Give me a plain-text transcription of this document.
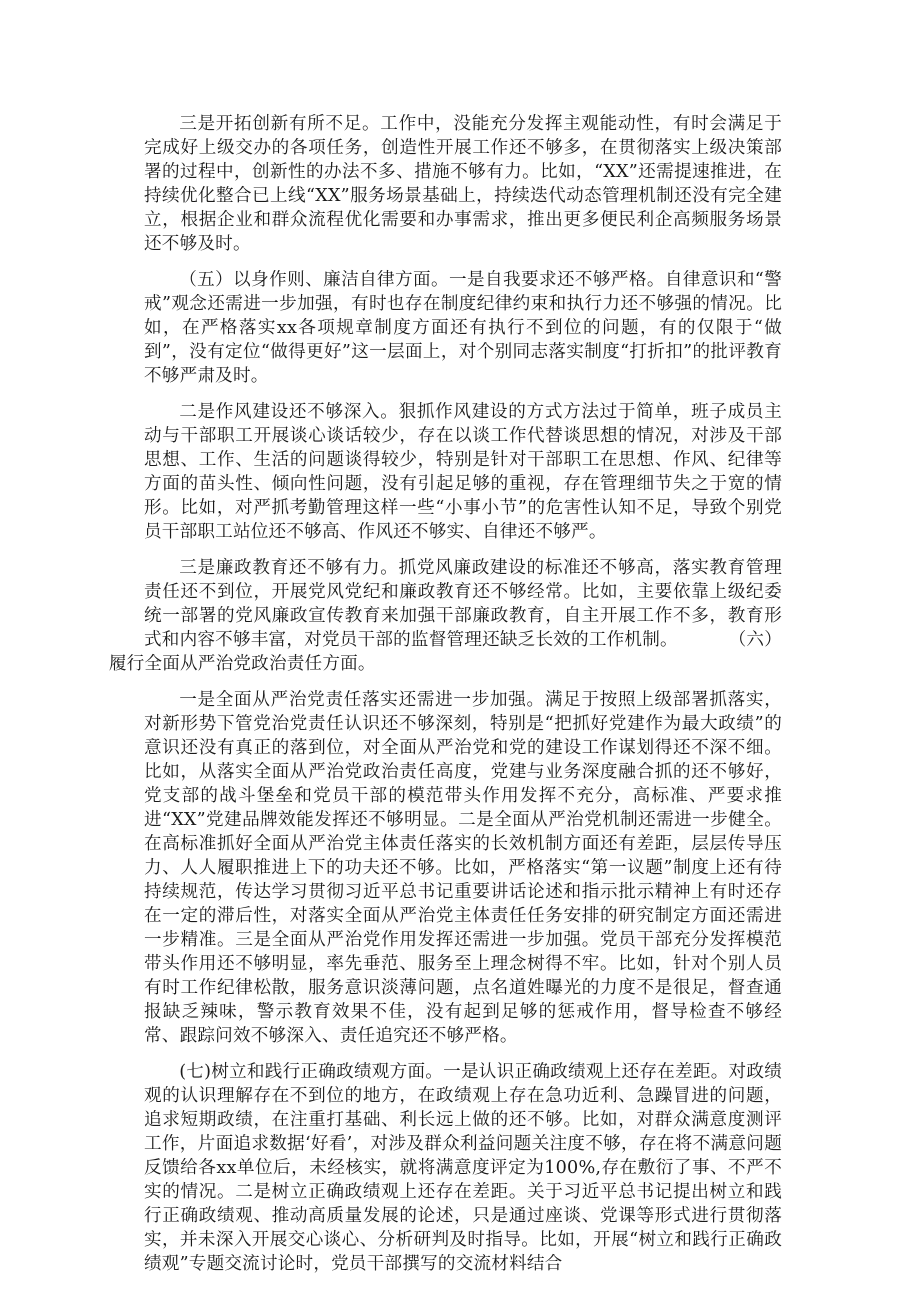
三是开拓创新有所不足。工作中，没能充分发挥主观能动性，有时会满足于完成好上级交办的各项任务，创造性开展工作还不够多，在贯彻落实上级决策部署的过程中，创新性的办法不多、措施不够有力。比如，“XX”还需提速推进，在持续优化整合已上线“XX”服务场景基础上，持续迭代动态管理机制还没有完全建立，根据企业和群众流程优化需要和办事需求，推出更多便民利企高频服务场景还不够及时。

（五）以身作则、廉洁自律方面。一是自我要求还不够严格。自律意识和“警戒”观念还需进一步加强，有时也存在制度纪律约束和执行力还不够强的情况。比如，在严格落实xx各项规章制度方面还有执行不到位的问题，有的仅限于“做到”，没有定位“做得更好”这一层面上，对个别同志落实制度“打折扣”的批评教育不够严肃及时。

二是作风建设还不够深入。狠抓作风建设的方式方法过于简单，班子成员主动与干部职工开展谈心谈话较少，存在以谈工作代替谈思想的情况，对涉及干部思想、工作、生活的问题谈得较少，特别是针对干部职工在思想、作风、纪律等方面的苗头性、倾向性问题，没有引起足够的重视，存在管理细节失之于宽的情形。比如，对严抓考勤管理这样一些“小事小节”的危害性认知不足，导致个别党员干部职工站位还不够高、作风还不够实、自律还不够严。

三是廉政教育还不够有力。抓党风廉政建设的标准还不够高，落实教育管理责任还不到位，开展党风党纪和廉政教育还不够经常。比如，主要依靠上级纪委统一部署的党风廉政宣传教育来加强干部廉政教育，自主开展工作不多，教育形式和内容不够丰富，对党员干部的监督管理还缺乏长效的工作机制。	（六）

履行全面从严治党政治责任方面。

一是全面从严治党责任落实还需进一步加强。满足于按照上级部署抓落实，对新形势下管党治党责任认识还不够深刻，特别是“把抓好党建作为最大政绩”的意识还没有真正的落到位，对全面从严治党和党的建设工作谋划得还不深不细。比如，从落实全面从严治党政治责任高度，党建与业务深度融合抓的还不够好，党支部的战斗堡垒和党员干部的模范带头作用发挥不充分，高标准、严要求推进“XX”党建品牌效能发挥还不够明显。二是全面从严治党机制还需进一步健全。在高标准抓好全面从严治党主体责任落实的长效机制方面还有差距，层层传导压力、人人履职推进上下的功夫还不够。比如，严格落实“第一议题”制度上还有待持续规范，传达学习贯彻习近平总书记重要讲话论述和指示批示精神上有时还存在一定的滞后性，对落实全面从严治党主体责任任务安排的研究制定方面还需进一步精准。三是全面从严治党作用发挥还需进一步加强。党员干部充分发挥模范带头作用还不够明显，率先垂范、服务至上理念树得不牢。比如，针对个别人员有时工作纪律松散，服务意识淡薄问题，点名道姓曝光的力度不是很足，督查通报缺乏辣味，警示教育效果不佳，没有起到足够的惩戒作用，督导检查不够经常、跟踪问效不够深入、责任追究还不够严格。

(七)树立和践行正确政绩观方面。一是认识正确政绩观上还存在差距。对政绩观的认识理解存在不到位的地方，在政绩观上存在急功近利、急躁冒进的问题，追求短期政绩，在注重打基础、利长远上做的还不够。比如，对群众满意度测评工作，片面追求数据‘好看’，对涉及群众利益问题关注度不够，存在将不满意问题反馈给各xx单位后，未经核实，就将满意度评定为100%,存在敷衍了事、不严不实的情况。二是树立正确政绩观上还存在差距。关于习近平总书记提出树立和践行正确政绩观、推动高质量发展的论述，只是通过座谈、党课等形式进行贯彻落实，并未深入开展交心谈心、分析研判及时指导。比如，开展“树立和践行正确政绩观”专题交流讨论时，党员干部撰写的交流材料结合
